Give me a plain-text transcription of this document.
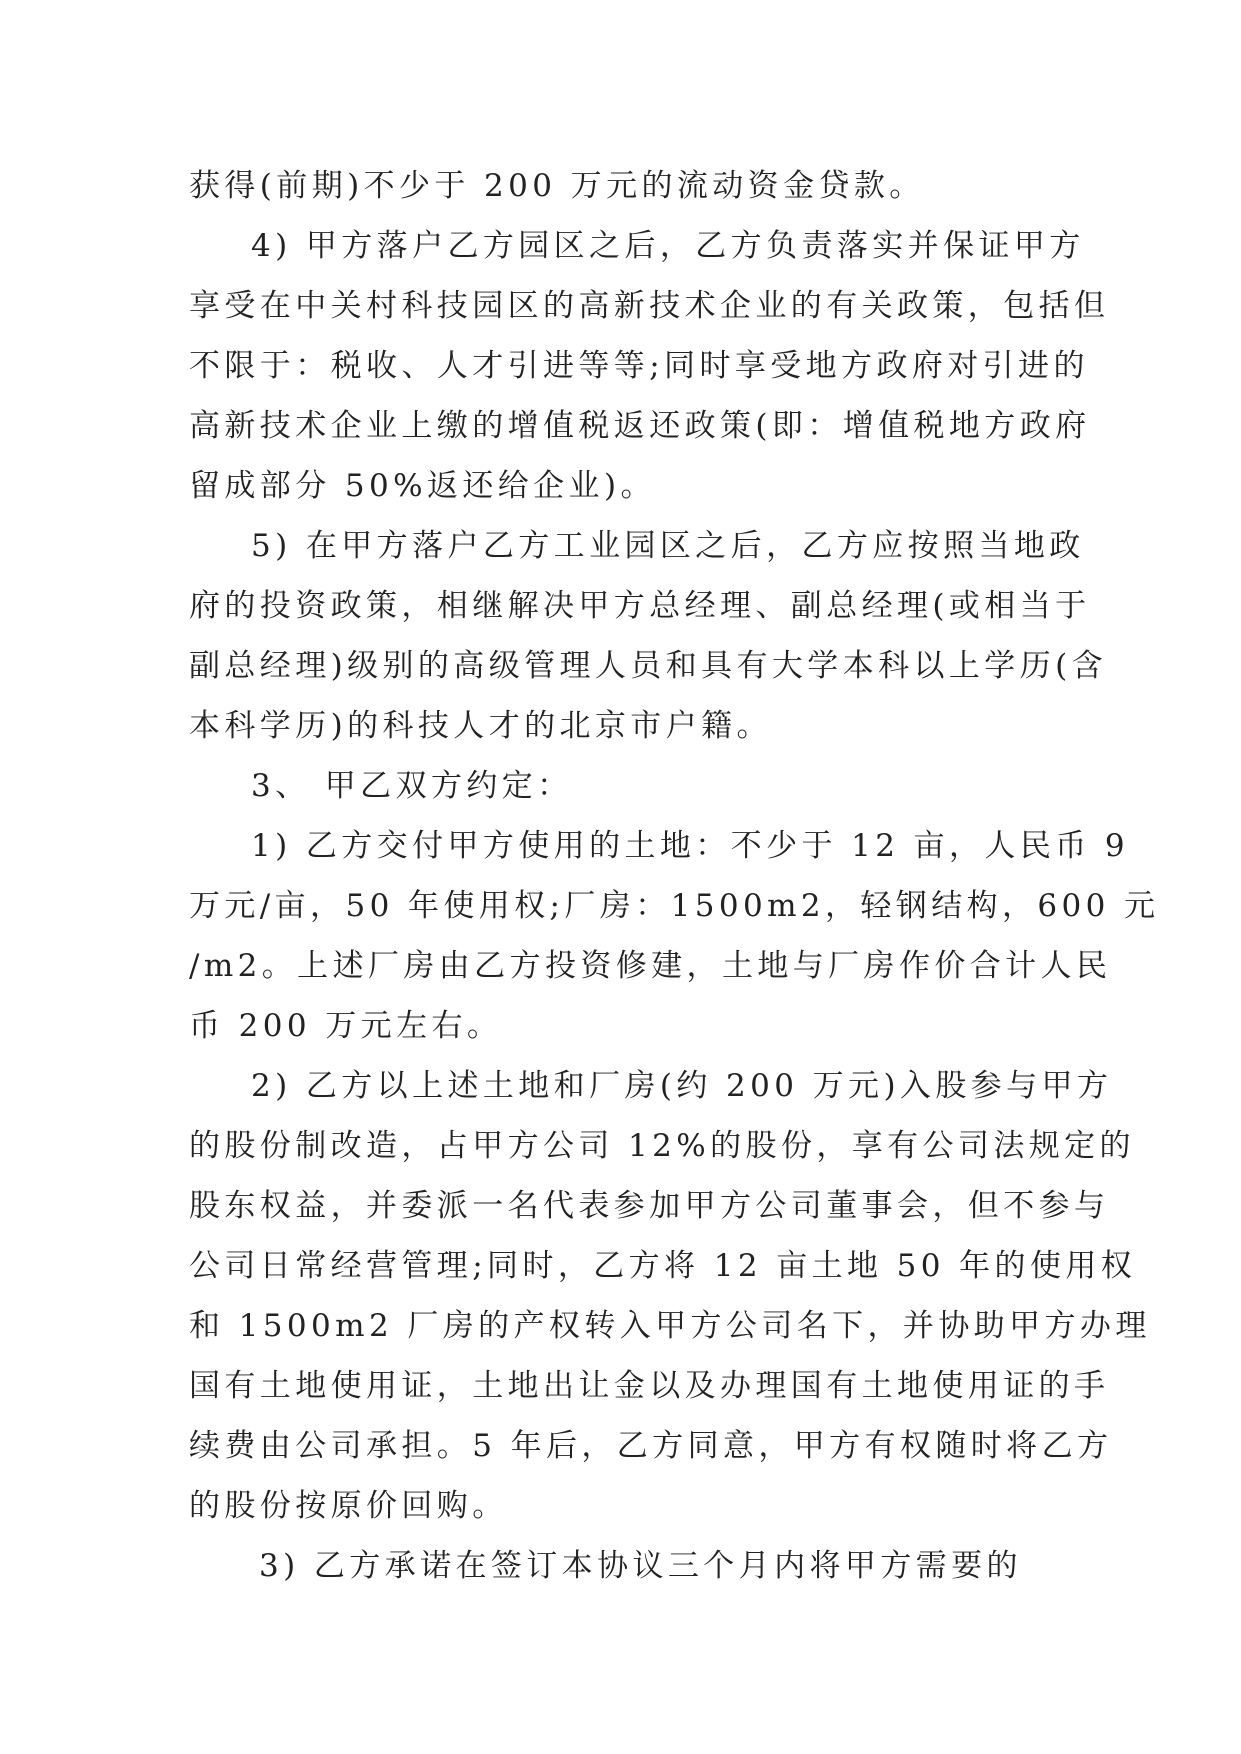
获得(前期)不少于 200 万元的流动资金贷款。
4) 甲方落户乙方园区之后，乙方负责落实并保证甲方
享受在中关村科技园区的高新技术企业的有关政策，包括但
不限于：税收、人才引进等等;同时享受地方政府对引进的
高新技术企业上缴的增值税返还政策(即：增值税地方政府
留成部分 50%返还给企业)。
5) 在甲方落户乙方工业园区之后，乙方应按照当地政
府的投资政策，相继解决甲方总经理、副总经理(或相当于
副总经理)级别的高级管理人员和具有大学本科以上学历(含
本科学历)的科技人才的北京市户籍。
3、 甲乙双方约定：
1) 乙方交付甲方使用的土地：不少于 12 亩，人民币 9
万元/亩，50 年使用权;厂房：1500m2，轻钢结构，600 元
/m2。上述厂房由乙方投资修建，土地与厂房作价合计人民
币 200 万元左右。
2) 乙方以上述土地和厂房(约 200 万元)入股参与甲方
的股份制改造，占甲方公司 12%的股份，享有公司法规定的
股东权益，并委派一名代表参加甲方公司董事会，但不参与
公司日常经营管理;同时，乙方将 12 亩土地 50 年的使用权
和 1500m2 厂房的产权转入甲方公司名下，并协助甲方办理
国有土地使用证，土地出让金以及办理国有土地使用证的手
续费由公司承担。5 年后，乙方同意，甲方有权随时将乙方
的股份按原价回购。
3) 乙方承诺在签订本协议三个月内将甲方需要的
